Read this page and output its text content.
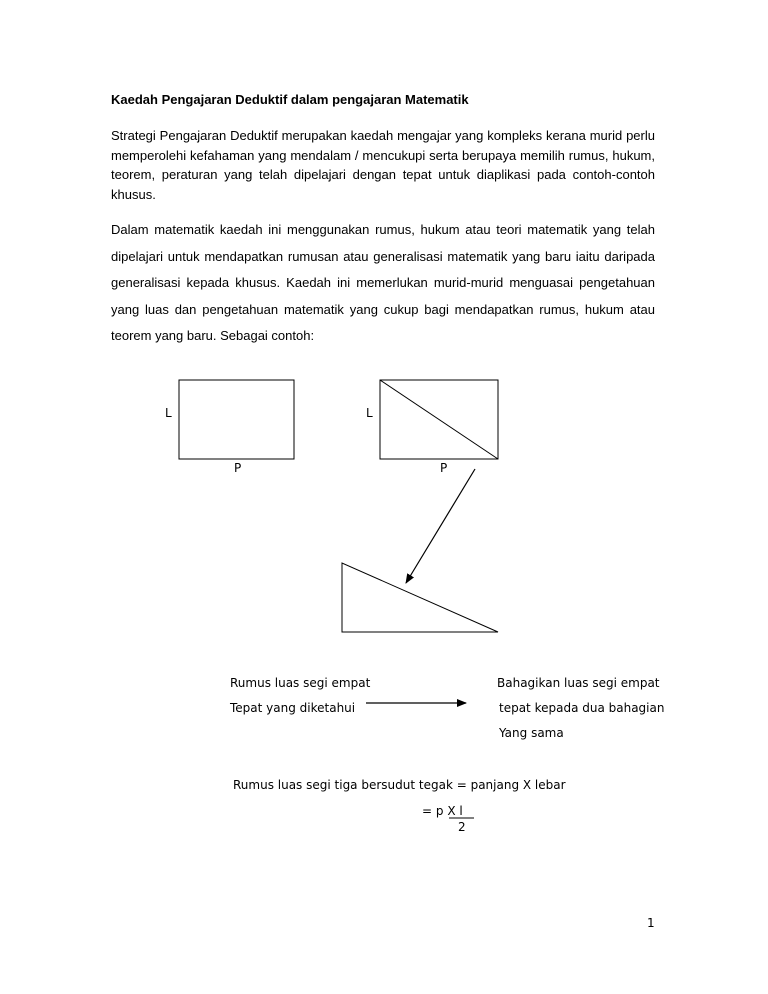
Kaedah Pengajaran Deduktif dalam pengajaran Matematik
Strategi Pengajaran Deduktif merupakan kaedah mengajar yang kompleks kerana murid perlu memperolehi kefahaman yang mendalam / mencukupi serta berupaya memilih rumus, hukum, teorem, peraturan yang telah dipelajari dengan tepat untuk diaplikasi pada contoh-contoh khusus.
Dalam matematik kaedah ini menggunakan rumus, hukum atau teori matematik yang telah dipelajari untuk mendapatkan rumusan atau generalisasi matematik yang baru iaitu daripada generalisasi kepada khusus. Kaedah ini memerlukan murid-murid menguasai pengetahuan yang luas dan pengetahuan matematik yang cukup bagi mendapatkan rumus, hukum atau teorem yang baru. Sebagai contoh:
L
P
L
P
Rumus luas segi empat
Tepat yang diketahui
Bahagikan luas segi empat
tepat kepada dua bahagian
Yang sama
Rumus luas segi tiga bersudut tegak = panjang X lebar
= p X l
2
1
